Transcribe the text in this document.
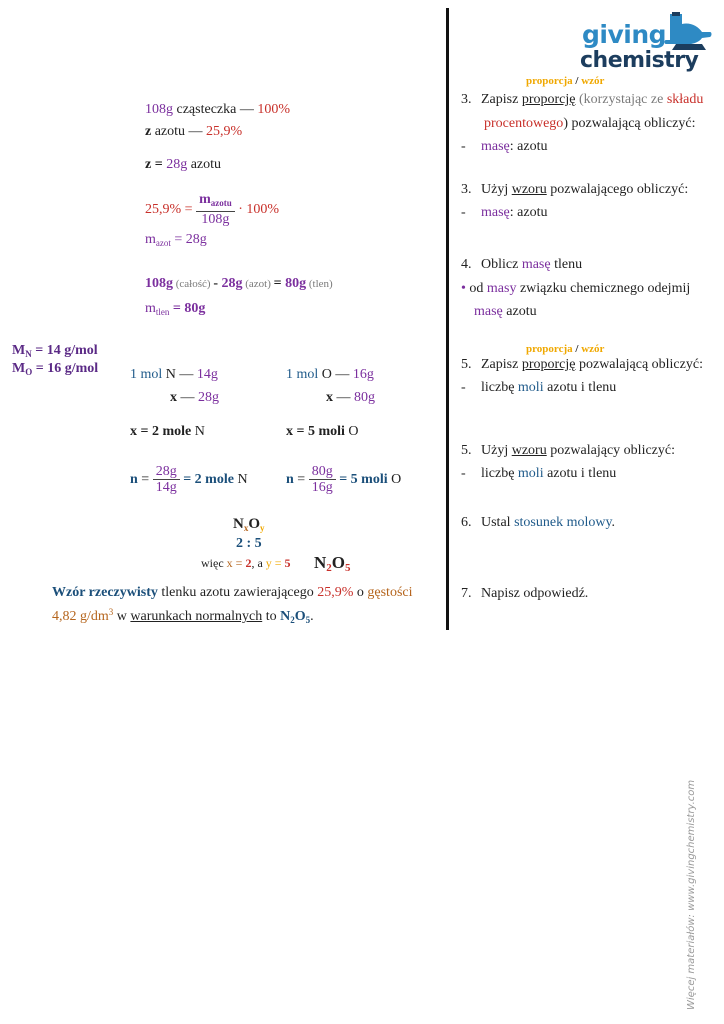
giving
chemistry
108g cząsteczka — 100%
z azotu — 25,9%
z = 28g azotu
$25,9\% = \frac{m_{azotu}}{108g} \cdot 100\%$
$m_{azot} = 28g$
108g (całość) - 28g (azot) = 80g (tlen)
$m_{tlen} = 80g$
$M_N = 14$ g/mol
$M_O = 16$ g/mol 1 mol N — 14g
x — 28g
1 mol O — 16g
x — 80g
x = 2 mole N	x = 5 moli O
$n = \frac{28g}{14g} = 2$ mole N	$n = \frac{80g}{16g} = 5$ moli O
$N_xO_y$
2 : 5
więc x = 2, a y = 5 $N_2O_5$
Wzór rzeczywisty tlenku azotu zawierającego 25,9% o gęstości
4,82 $g/dm^3$ w warunkach normalnych to $N_2O_5$.
proporcja / wzór
3. Zapisz proporcję (korzystając ze składu
procentowego) pozwalającą obliczyć:
- masę: azotu
3. Użyj wzoru pozwalającego obliczyć:
- masę: azotu
4. Oblicz masę tlenu
• od masy związku chemicznego odejmij
masę azotu
proporcja / wzór
5. Zapisz proporcję pozwalającą obliczyć:
- liczbę moli azotu i tlenu
5. Użyj wzoru pozwalający obliczyć:
- liczbę moli azotu i tlenu
6. Ustal stosunek molowy.
7. Napisz odpowiedź.
Więcej materiałów: www.givingchemistry.com
